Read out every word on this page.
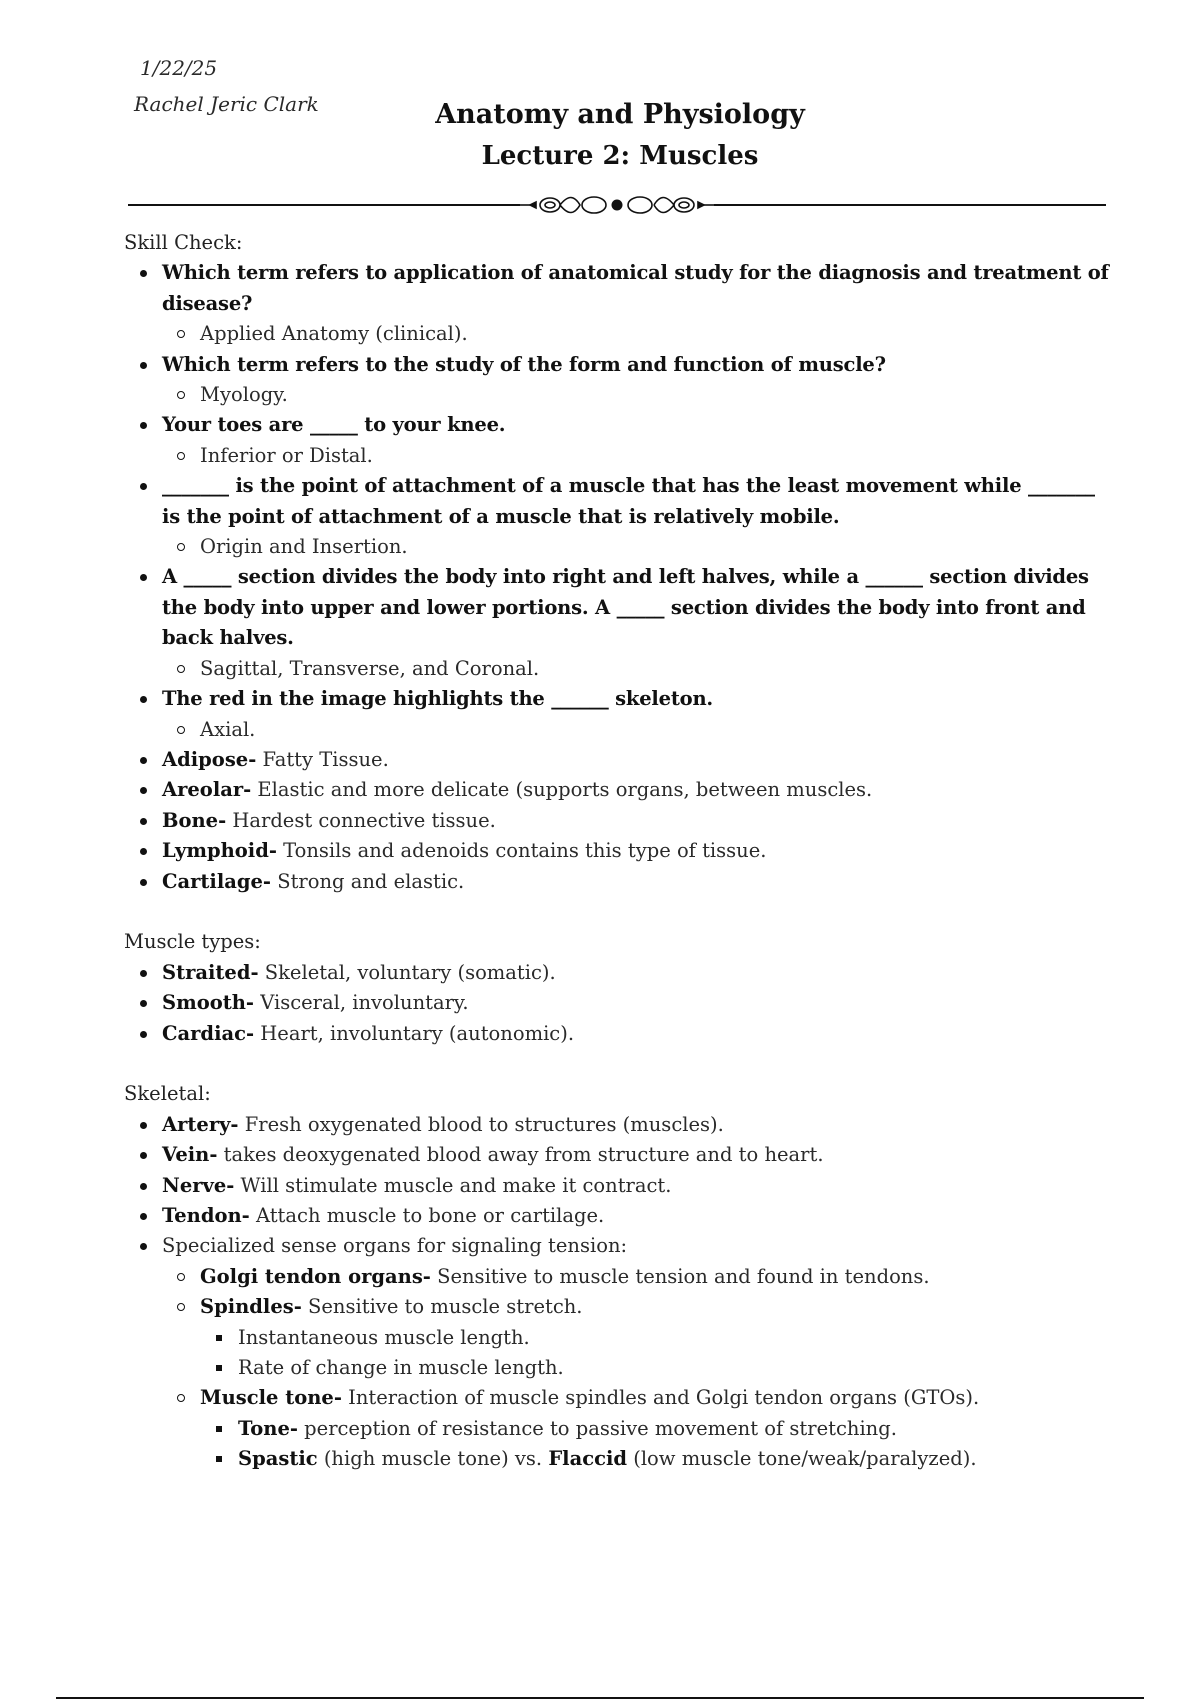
1/22/25
Rachel Jeric Clark	Anatomy and Physiology
Lecture 2: Muscles
Skill Check:
Which term refers to application of anatomical study for the diagnosis and treatment of disease?
Applied Anatomy (clinical).
Which term refers to the study of the form and function of muscle?
Myology.
Your toes are _____ to your knee.
Inferior or Distal.
_______ is the point of attachment of a muscle that has the least movement while _______ is the point of attachment of a muscle that is relatively mobile.
Origin and Insertion.
A _____ section divides the body into right and left halves, while a ______ section divides the body into upper and lower portions. A _____ section divides the body into front and back halves.
Sagittal, Transverse, and Coronal.
The red in the image highlights the ______ skeleton.
Axial.
Adipose- Fatty Tissue.
Areolar- Elastic and more delicate (supports organs, between muscles.
Bone- Hardest connective tissue.
Lymphoid- Tonsils and adenoids contains this type of tissue.
Cartilage- Strong and elastic.
Muscle types:
Straited- Skeletal, voluntary (somatic).
Smooth- Visceral, involuntary.
Cardiac- Heart, involuntary (autonomic).
Skeletal:
Artery- Fresh oxygenated blood to structures (muscles).
Vein- takes deoxygenated blood away from structure and to heart.
Nerve- Will stimulate muscle and make it contract.
Tendon- Attach muscle to bone or cartilage.
Specialized sense organs for signaling tension:
Golgi tendon organs- Sensitive to muscle tension and found in tendons.
Spindles- Sensitive to muscle stretch.
Instantaneous muscle length.
Rate of change in muscle length.
Muscle tone- Interaction of muscle spindles and Golgi tendon organs (GTOs).
Tone- perception of resistance to passive movement of stretching.
Spastic (high muscle tone) vs. Flaccid (low muscle tone/weak/paralyzed).
